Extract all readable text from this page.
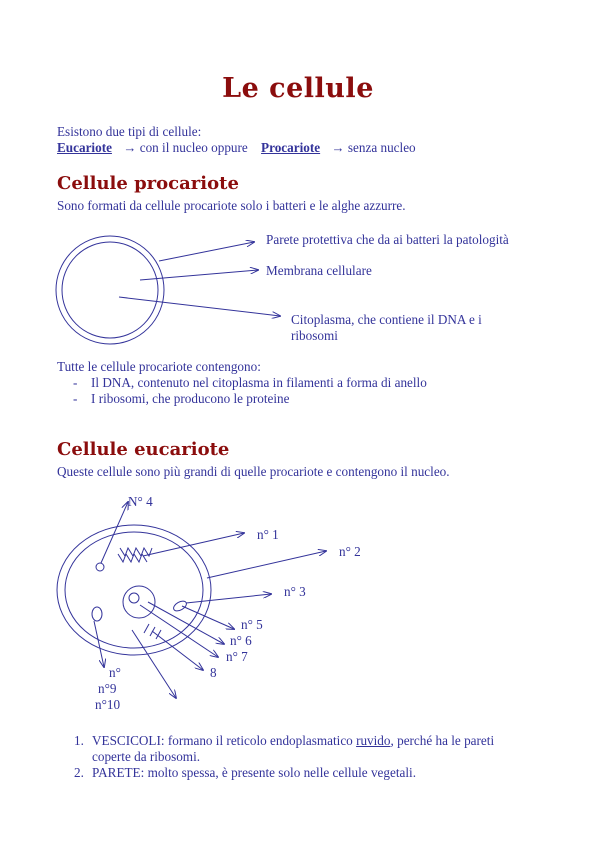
Le cellule
Esistono due tipi di cellule:
Eucariote → con il nucleo oppure Procariote → senza nucleo
Cellule procariote
Sono formati da cellule procariote solo i batteri e le alghe azzurre.
Parete protettiva che da ai batteri la patologità
Membrana cellulare
Citoplasma, che contiene il DNA e i
ribosomi
Tutte le cellule procariote contengono:
- Il DNA, contenuto nel citoplasma in filamenti a forma di anello
- I ribosomi, che producono le proteine
Cellule eucariote
Queste cellule sono più grandi di quelle procariote e contengono il nucleo.
N° 4
n° 1
n° 2
n° 3
n° 5
n° 6
n° 7
8
n°
n°9
n°10
1. VESCICOLI: formano il reticolo endoplasmatico ruvido, perché ha le pareti
coperte da ribosomi.
2. PARETE: molto spessa, è presente solo nelle cellule vegetali.
